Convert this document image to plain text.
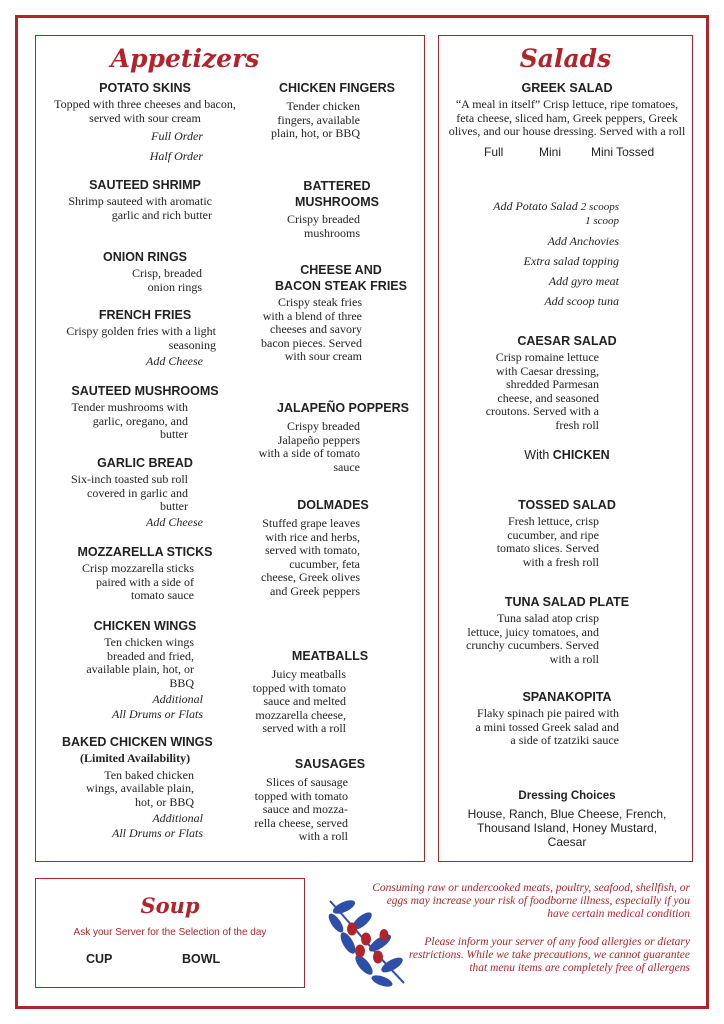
Appetizers
POTATO SKINS
Topped with three cheeses and bacon, served with sour cream
Full Order
Half Order
SAUTEED SHRIMP
Shrimp sauteed with aromatic garlic and rich butter
ONION RINGS
Crisp, breaded onion rings
FRENCH FRIES
Crispy golden fries with a light seasoning
Add Cheese
SAUTEED MUSHROOMS
Tender mushrooms with garlic, oregano, and butter
GARLIC BREAD
Six-inch toasted sub roll covered in garlic and butter
Add Cheese
MOZZARELLA STICKS
Crisp mozzarella sticks paired with a side of tomato sauce
CHICKEN WINGS
Ten chicken wings breaded and fried, available plain, hot, or BBQ
Additional
All Drums or Flats
BAKED CHICKEN WINGS
(Limited Availability)
Ten baked chicken wings, available plain, hot, or BBQ
Additional
All Drums or Flats
CHICKEN FINGERS
Tender chicken fingers, available plain, hot, or BBQ
BATTERED
MUSHROOMS
Crispy breaded mushrooms
CHEESE AND
BACON STEAK FRIES
Crispy steak fries with a blend of three cheeses and savory bacon pieces. Served with sour cream
JALAPEÑO POPPERS
Crispy breaded Jalapeño peppers with a side of tomato sauce
DOLMADES
Stuffed grape leaves with rice and herbs, served with tomato, cucumber, feta cheese, Greek olives and Greek peppers
MEATBALLS
Juicy meatballs topped with tomato sauce and melted mozzarella cheese, served with a roll
SAUSAGES
Slices of sausage topped with tomato sauce and mozza-rella cheese, served with a roll
Salads
GREEK SALAD
“A meal in itself” Crisp lettuce, ripe tomatoes, feta cheese, sliced ham, Greek peppers, Greek olives, and our house dressing. Served with a roll
Full	Mini Mini Tossed
Add Potato Salad 2 scoops
1 scoop
Add Anchovies
Extra salad topping
Add gyro meat
Add scoop tuna
CAESAR SALAD
Crisp romaine lettuce with Caesar dressing, shredded Parmesan cheese, and seasoned croutons. Served with a fresh roll
With CHICKEN
TOSSED SALAD
Fresh lettuce, crisp cucumber, and ripe tomato slices. Served with a fresh roll
TUNA SALAD PLATE
Tuna salad atop crisp lettuce, juicy tomatoes, and crunchy cucumbers. Served with a roll
SPANAKOPITA
Flaky spinach pie paired with a mini tossed Greek salad and a side of tzatziki sauce
Dressing Choices
House, Ranch, Blue Cheese, French, Thousand Island, Honey Mustard, Caesar
Soup
Ask your Server for the Selection of the day
CUP	BOWL
Consuming raw or undercooked meats, poultry, seafood, shellfish, or eggs may increase your risk of foodborne illness, especially if you have certain medical condition
Please inform your server of any food allergies or dietary restrictions. While we take precautions, we cannot guarantee that menu items are completely free of allergens
